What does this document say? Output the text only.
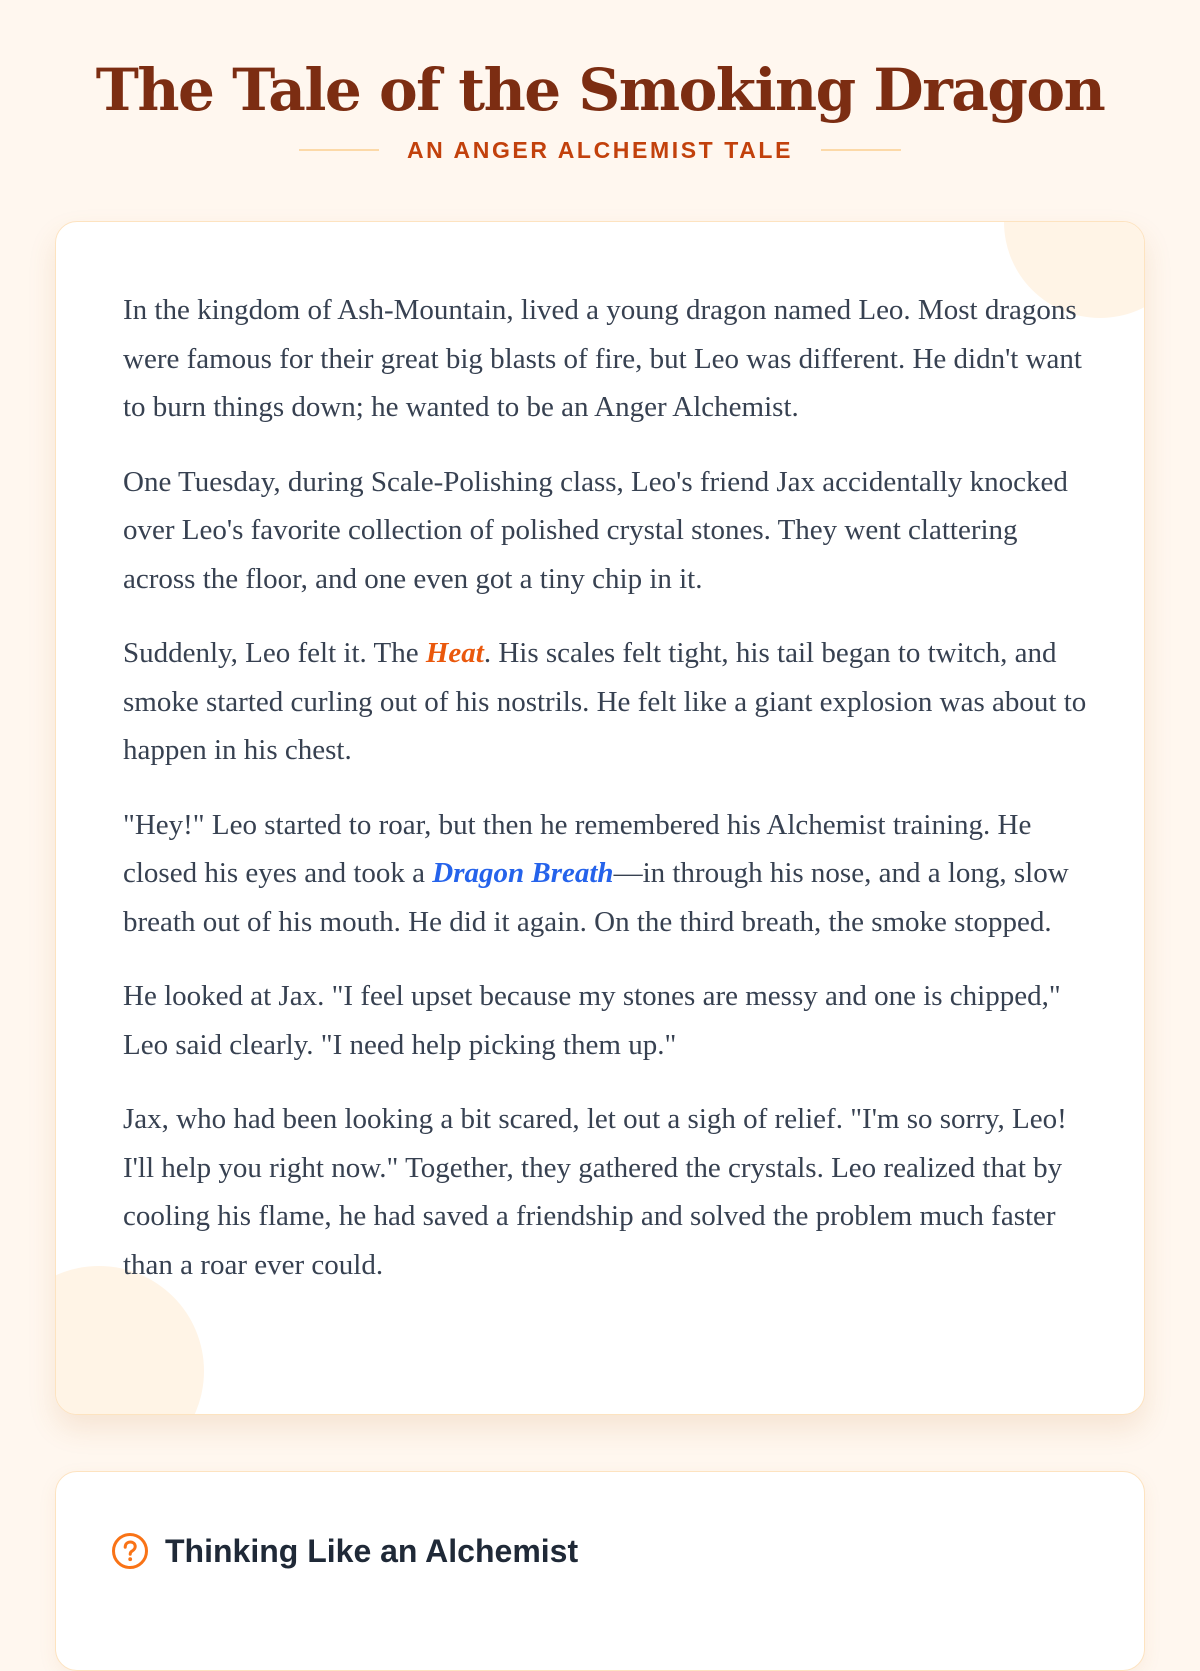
The Tale of the Smoking Dragon
AN ANGER ALCHEMIST TALE

In the kingdom of Ash-Mountain, lived a young dragon named Leo. Most dragons were famous for their great big blasts of fire, but Leo was different. He didn't want to burn things down; he wanted to be an Anger Alchemist.

One Tuesday, during Scale-Polishing class, Leo's friend Jax accidentally knocked over Leo's favorite collection of polished crystal stones. They went clattering across the floor, and one even got a tiny chip in it.

Suddenly, Leo felt it. The Heat. His scales felt tight, his tail began to twitch, and smoke started curling out of his nostrils. He felt like a giant explosion was about to happen in his chest.

"Hey!" Leo started to roar, but then he remembered his Alchemist training. He closed his eyes and took a Dragon Breath—in through his nose, and a long, slow breath out of his mouth. He did it again. On the third breath, the smoke stopped.

He looked at Jax. "I feel upset because my stones are messy and one is chipped," Leo said clearly. "I need help picking them up."

Jax, who had been looking a bit scared, let out a sigh of relief. "I'm so sorry, Leo! I'll help you right now." Together, they gathered the crystals. Leo realized that by cooling his flame, he had saved a friendship and solved the problem much faster than a roar ever could.

Thinking Like an Alchemist
